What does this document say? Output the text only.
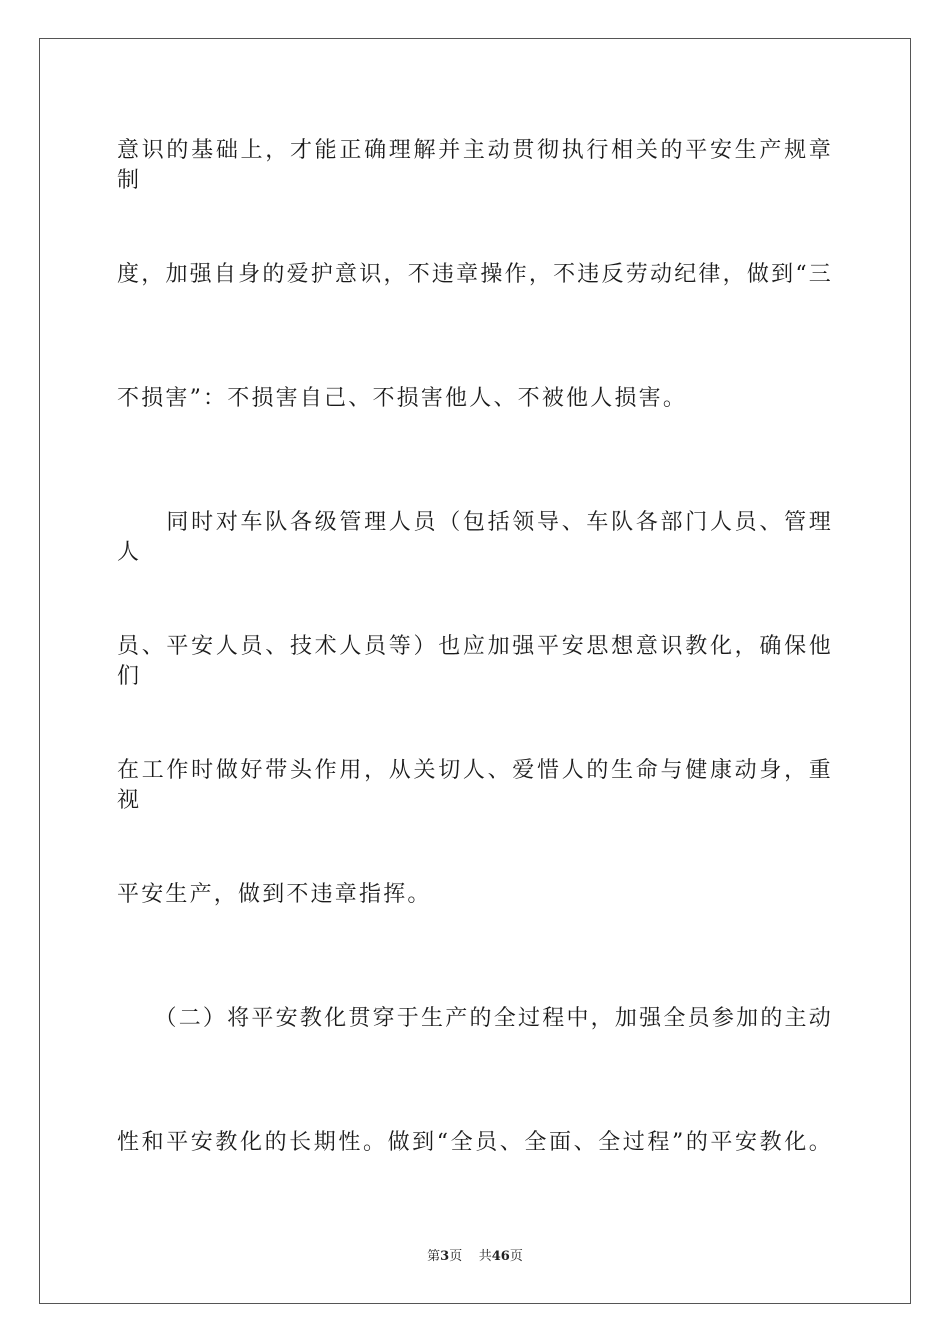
意识的基础上，才能正确理解并主动贯彻执行相关的平安生产规章制
度，加强自身的爱护意识，不违章操作，不违反劳动纪律，做到“三
不损害”：不损害自己、不损害他人、不被他人损害。
　　同时对车队各级管理人员（包括领导、车队各部门人员、管理人
员、平安人员、技术人员等）也应加强平安思想意识教化，确保他们
在工作时做好带头作用，从关切人、爱惜人的生命与健康动身，重视
平安生产，做到不违章指挥。
　　（二）将平安教化贯穿于生产的全过程中，加强全员参加的主动
性和平安教化的长期性。做到“全员、全面、全过程”的平安教化。
第3页 共46页
